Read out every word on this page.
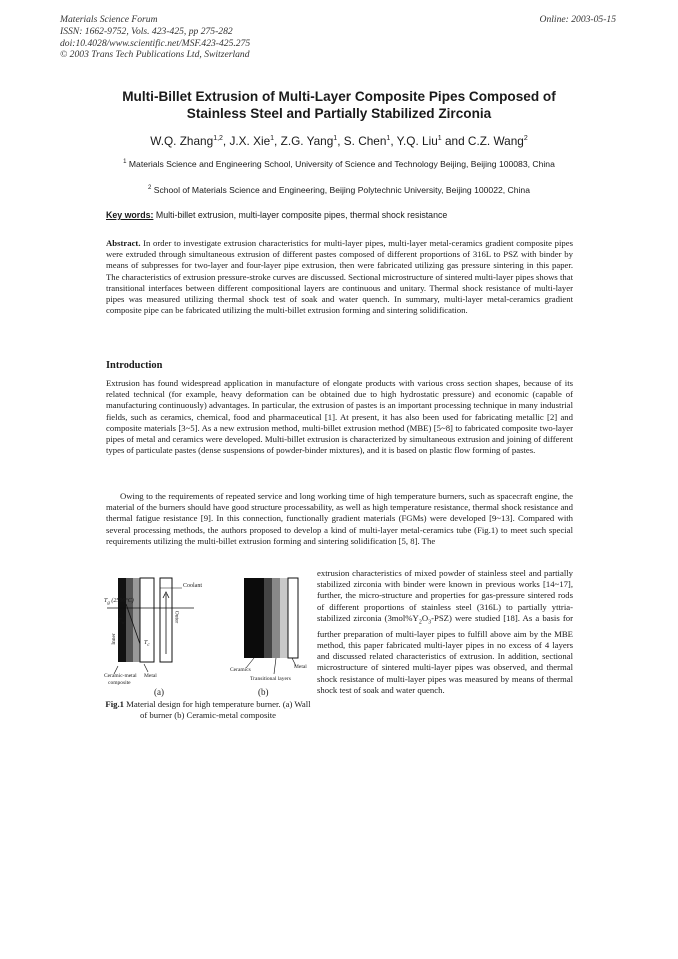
Materials Science Forum
ISSN: 1662-9752, Vols. 423-425, pp 275-282
doi:10.4028/www.scientific.net/MSF.423-425.275
© 2003 Trans Tech Publications Ltd, Switzerland
Online: 2003-05-15
Multi-Billet Extrusion of Multi-Layer Composite Pipes Composed of Stainless Steel and Partially Stabilized Zirconia
W.Q. Zhang$^{1,2}$, J.X. Xie$^1$, Z.G. Yang$^1$, S. Chen$^1$, Y.Q. Liu$^1$ and C.Z. Wang$^2$
$^1$ Materials Science and Engineering School, University of Science and Technology Beijing, Beijing 100083, China
$^2$ School of Materials Science and Engineering, Beijing Polytechnic University, Beijing 100022, China
Key words: Multi-billet extrusion, multi-layer composite pipes, thermal shock resistance
Abstract. In order to investigate extrusion characteristics for multi-layer pipes, multi-layer metal-ceramics gradient composite pipes were extruded through simultaneous extrusion of different pastes composed of different proportions of 316L to PSZ with binder by means of subpresses for two-layer and four-layer pipe extrusion, then were fabricated utilizing gas pressure sintering in this paper. The characteristics of extrusion pressure-stroke curves are discussed. Sectional microstructure of sintered multi-layer pipes shows that transitional interfaces between different compositional layers are continuous and unitary. Thermal shock resistance of multi-layer pipes was measured utilizing thermal shock test of soak and water quench. In summary, multi-layer metal-ceramics gradient composite pipe can be fabricated utilizing the multi-billet extrusion forming and sintering solidification.
Introduction
Extrusion has found widespread application in manufacture of elongate products with various cross section shapes, because of its related technical (for example, heavy deformation can be obtained due to high hydrostatic pressure) and economic (capable of manufacturing continuously) advantages. In particular, the extrusion of pastes is an important processing technique in many industrial fields, such as ceramics, chemical, food and pharmaceutical [1]. At present, it has also been used for fabricating metallic [2] and composite materials [3~5]. As a new extrusion method, multi-billet extrusion method (MBE) [5~8] to fabricated composite two-layer pipes of metal and ceramics were developed. Multi-billet extrusion is characterized by simultaneous extrusion and joining of different types of particulate pastes (dense suspensions of powder-binder mixtures), and it is based on plastic flow forming of pastes.
Owing to the requirements of repeated service and long working time of high temperature burners, such as spacecraft engine, the material of the burners should have good structure processability, as well as high temperature resistance, thermal shock resistance and thermal fatigue resistance [9]. In this connection, functionally gradient materials (FGMs) were developed [9~13]. Compared with several processing methods, the authors proposed to develop a kind of multi-layer metal-ceramics tube (Fig.1) to meet such special requirements utilizing the multi-billet extrusion forming and sintering solidification [5, 8]. The
extrusion characteristics of mixed powder of stainless steel and partially stabilized zirconia with binder were known in previous works [14~17], further, the micro-structure and properties for gas-pressure sintered rods of different proportions of stainless steel (316L) to partially yttria-stabilized zirconia $(3mol\%Y_2O_3-PSZ)$ were studied [18]. As a basis for further preparation of multi-layer pipes to fulfill above aim by the MBE method, this paper fabricated multi-layer pipes in no excess of 4 layers and discussed related characteristics of extrusion. In addition, sectional microstructure of sintered multi-layer pipes was observed, and thermal shock resistance of multi-layer pipes was measured by means of thermal shock test of soak and water quench.
$T_g$ (2500°C)
$T_w$
$T_c$
Inner
Outer
Coolant
Ceramic-metal
composite
Metal
Ceramics	Metal
Transitional layers
(a)	(b)
Fig.1 Material design for high temperature burner. (a) Wall of burner (b) Ceramic-metal composite
